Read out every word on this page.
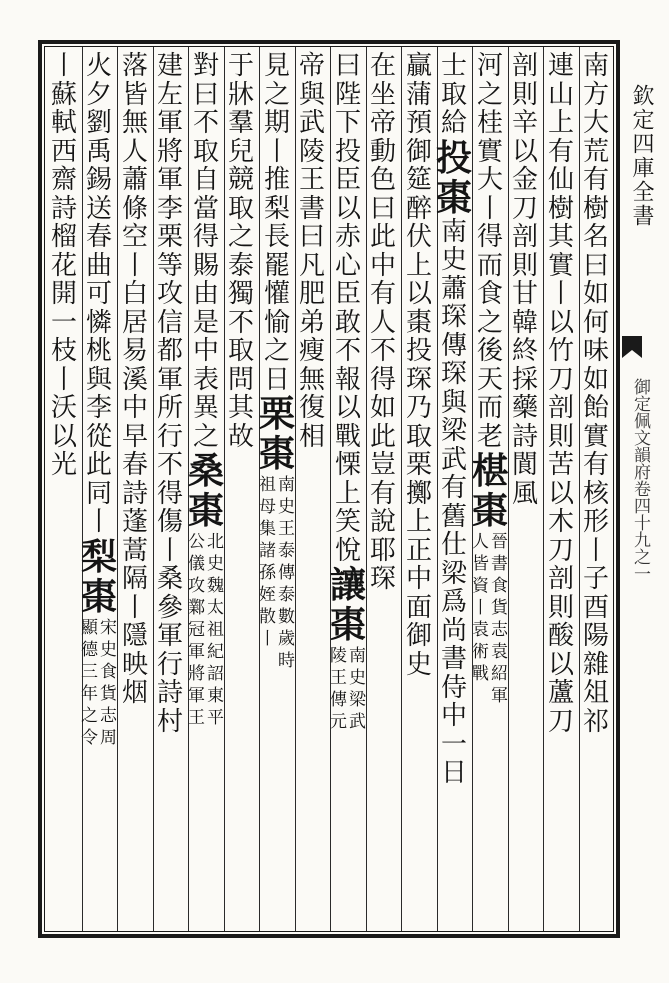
南
方
大
荒
有
樹
名
曰
如
何
味
如
飴
實
有
核
形
丨
子
酉
陽
雜
俎
祁
連
山
上
有
仙
樹
其
實
丨
以
竹
刀
剖
則
苦
以
木
刀
剖
則
酸
以
蘆
刀
剖
則
辛
以
金
刀
剖
則
甘
韓
終
採
藥
詩
閬
風
河
之
桂
實
大
丨
得
而
食
之
後
天
而
老
椹
棗
晉
書
食
貨
志
袁
紹
軍
人
皆
資
丨
袁
術
戰
士
取
給
投
棗
南
史
蕭
琛
傳
琛
與
梁
武
有
舊
仕
梁
爲
尚
書
侍
中
一
日
贏
蒲
預
御
筵
醉
伏
上
以
棗
投
琛
乃
取
栗
擲
上
正
中
面
御
史
在
坐
帝
動
色
曰
此
中
有
人
不
得
如
此
豈
有
說
耶
琛
曰
陛
下
投
臣
以
赤
心
臣
敢
不
報
以
戰
慄
上
笑
悅
讓
棗
南
史
梁
武
陵
王
傳
元
帝
與
武
陵
王
書
曰
凡
肥
弟
瘦
無
復
相
見
之
期
丨
推
梨
長
罷
懽
愉
之
日
栗
棗
南
史
王
泰
傳
泰
數
歲
時
祖
母
集
諸
孫
姪
散
丨
于
牀
羣
兒
競
取
之
泰
獨
不
取
問
其
故
對
曰
不
取
自
當
得
賜
由
是
中
表
異
之
桑
棗
北
史
魏
太
祖
紀
詔
東
平
公
儀
攻
鄴
冠
軍
將
軍
王
建
左
軍
將
軍
李
栗
等
攻
信
都
軍
所
行
不
得
傷
丨
桑
參
軍
行
詩
村
落
皆
無
人
蕭
條
空
丨
白
居
易
溪
中
早
春
詩
蓬
蒿
隔
丨
隱
映
烟
火
夕
劉
禹
錫
送
春
曲
可
憐
桃
與
李
從
此
同
丨
梨
棗
宋
史
食
貨
志
周
顯
德
三
年
之
令
丨
蘇
軾
西
齋
詩
榴
花
開
一
枝
丨
沃
以
光
欽定四庫全書
御定佩文韻府卷四十九之一
